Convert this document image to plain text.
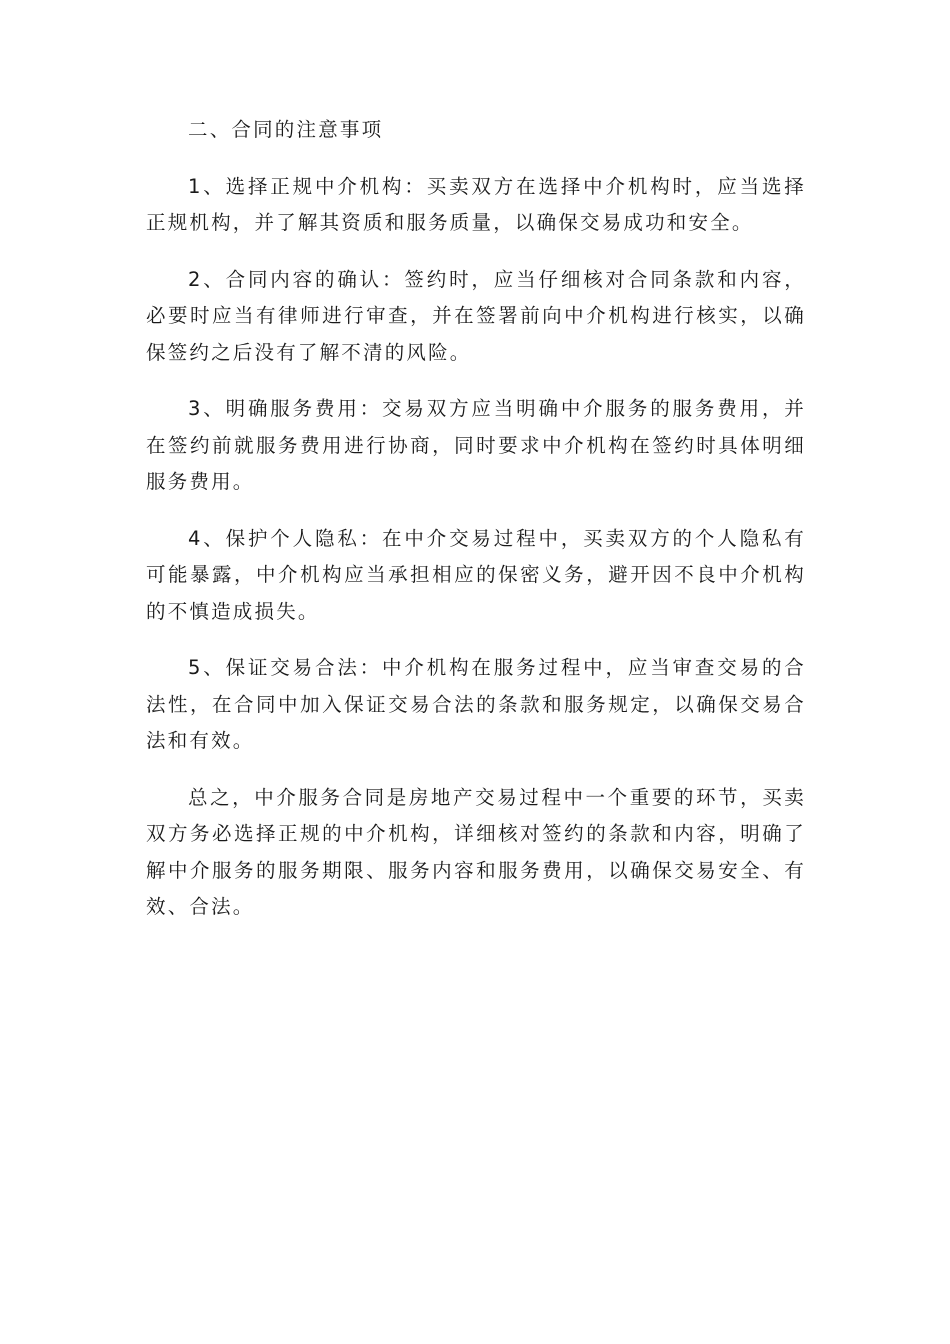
二、合同的注意事项

1、选择正规中介机构：买卖双方在选择中介机构时，应当选择正规机构，并了解其资质和服务质量，以确保交易成功和安全。

2、合同内容的确认：签约时，应当仔细核对合同条款和内容，必要时应当有律师进行审查，并在签署前向中介机构进行核实，以确保签约之后没有了解不清的风险。

3、明确服务费用：交易双方应当明确中介服务的服务费用，并在签约前就服务费用进行协商，同时要求中介机构在签约时具体明细服务费用。

4、保护个人隐私：在中介交易过程中，买卖双方的个人隐私有可能暴露，中介机构应当承担相应的保密义务，避开因不良中介机构的不慎造成损失。

5、保证交易合法：中介机构在服务过程中，应当审查交易的合法性，在合同中加入保证交易合法的条款和服务规定，以确保交易合法和有效。

总之，中介服务合同是房地产交易过程中一个重要的环节，买卖双方务必选择正规的中介机构，详细核对签约的条款和内容，明确了解中介服务的服务期限、服务内容和服务费用，以确保交易安全、有效、合法。
